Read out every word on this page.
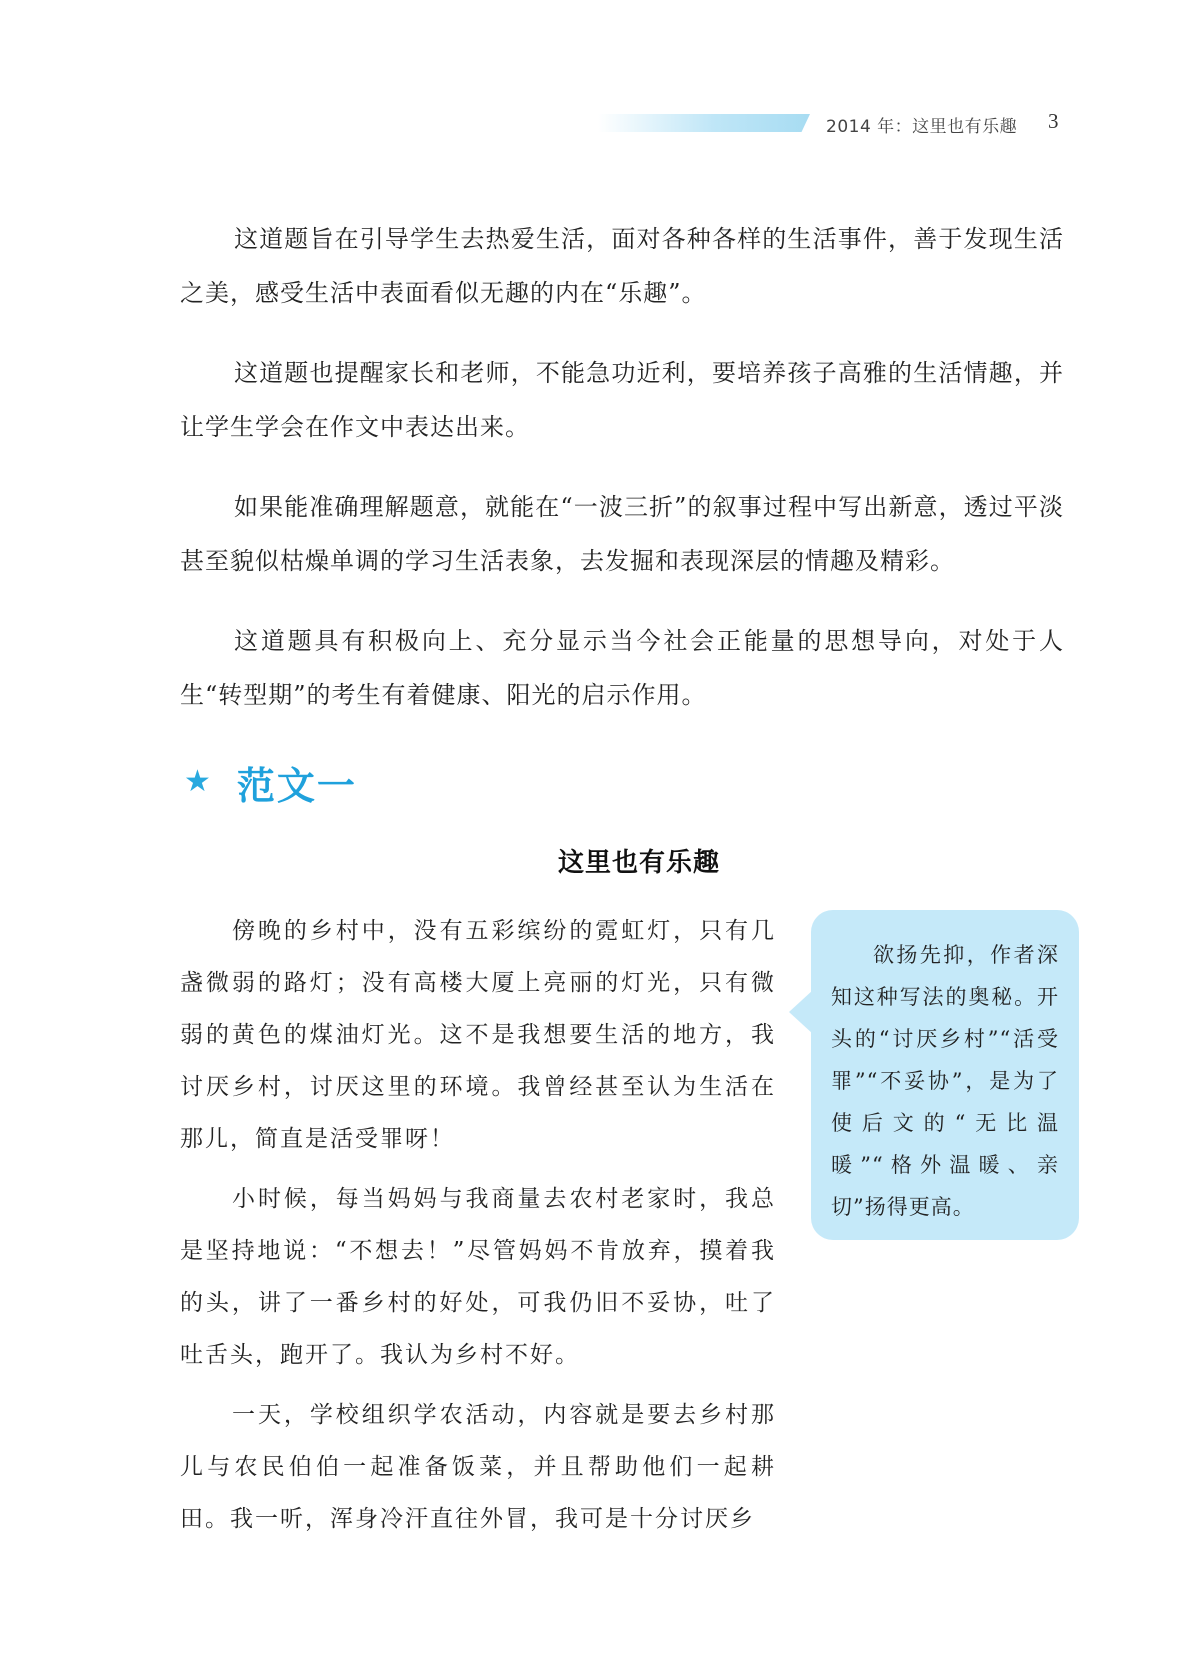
2014 年：这里也有乐趣 3

这道题旨在引导学生去热爱生活，面对各种各样的生活事件，善于发现生活之美，感受生活中表面看似无趣的内在“乐趣”。

这道题也提醒家长和老师，不能急功近利，要培养孩子高雅的生活情趣，并让学生学会在作文中表达出来。

如果能准确理解题意，就能在“一波三折”的叙事过程中写出新意，透过平淡甚至貌似枯燥单调的学习生活表象，去发掘和表现深层的情趣及精彩。

这道题具有积极向上、充分显示当今社会正能量的思想导向，对处于人生“转型期”的考生有着健康、阳光的启示作用。

★ 范文一
这里也有乐趣

傍晚的乡村中，没有五彩缤纷的霓虹灯，只有几盏微弱的路灯；没有高楼大厦上亮丽的灯光，只有微弱的黄色的煤油灯光。这不是我想要生活的地方，我讨厌乡村，讨厌这里的环境。我曾经甚至认为生活在那儿，简直是活受罪呀！

小时候，每当妈妈与我商量去农村老家时，我总是坚持地说：“不想去！”尽管妈妈不肯放弃，摸着我的头，讲了一番乡村的好处，可我仍旧不妥协，吐了吐舌头，跑开了。我认为乡村不好。

一天，学校组织学农活动，内容就是要去乡村那儿与农民伯伯一起准备饭菜，并且帮助他们一起耕田。我一听，浑身冷汗直往外冒，我可是十分讨厌乡

欲扬先抑，作者深知这种写法的奥秘。开头的“讨厌乡村”“活受罪”“不妥协”，是为了使后文的“无比温暖”“格外温暖、亲切”扬得更高。
